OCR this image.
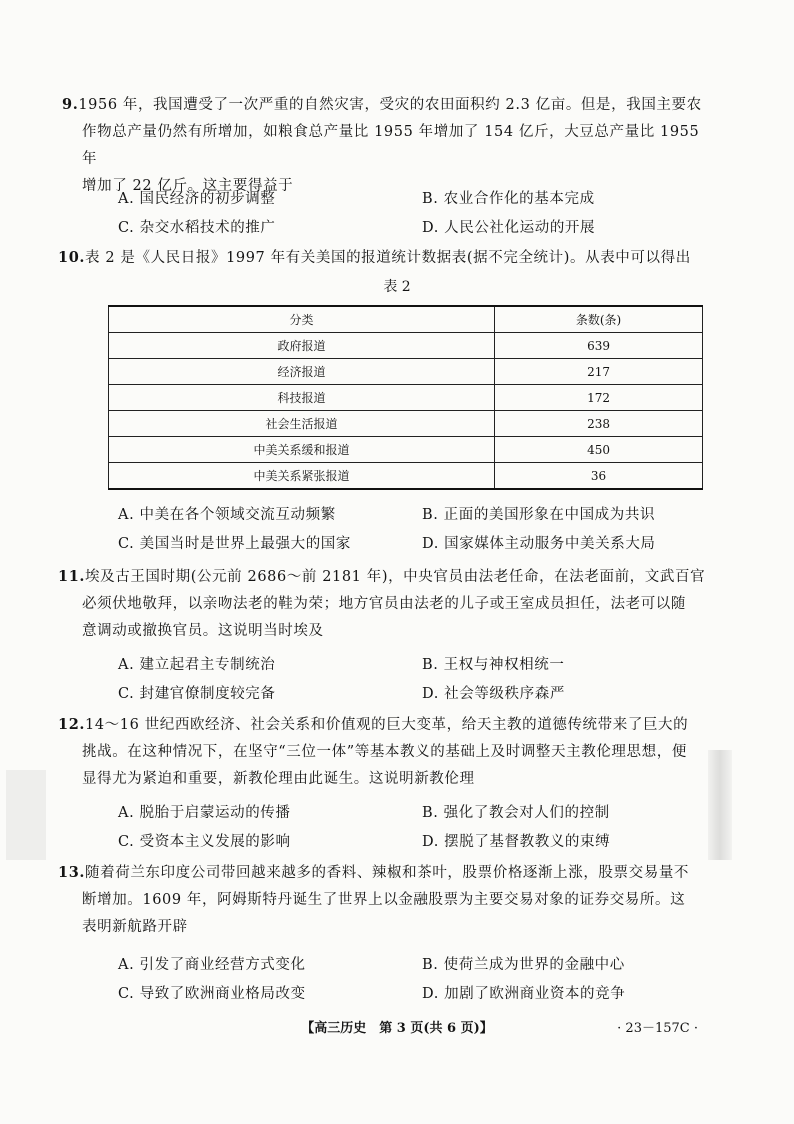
9.1956 年，我国遭受了一次严重的自然灾害，受灾的农田面积约 2.3 亿亩。但是，我国主要农
作物总产量仍然有所增加，如粮食总产量比 1955 年增加了 154 亿斤，大豆总产量比 1955 年
增加了 22 亿斤。这主要得益于
A. 国民经济的初步调整	B. 农业合作化的基本完成
C. 杂交水稻技术的推广	D. 人民公社化运动的开展
10.表 2 是《人民日报》1997 年有关美国的报道统计数据表(据不完全统计)。从表中可以得出
表 2
分类	条数(条)
政府报道	639
经济报道	217
科技报道	172
社会生活报道	238
中美关系缓和报道	450
中美关系紧张报道	36
A. 中美在各个领域交流互动频繁	B. 正面的美国形象在中国成为共识
C. 美国当时是世界上最强大的国家	D. 国家媒体主动服务中美关系大局
11.埃及古王国时期(公元前 2686～前 2181 年)，中央官员由法老任命，在法老面前，文武百官
必须伏地敬拜，以亲吻法老的鞋为荣；地方官员由法老的儿子或王室成员担任，法老可以随
意调动或撤换官员。这说明当时埃及
A. 建立起君主专制统治	B. 王权与神权相统一
C. 封建官僚制度较完备	D. 社会等级秩序森严
12.14～16 世纪西欧经济、社会关系和价值观的巨大变革，给天主教的道德传统带来了巨大的
挑战。在这种情况下，在坚守“三位一体”等基本教义的基础上及时调整天主教伦理思想，便
显得尤为紧迫和重要，新教伦理由此诞生。这说明新教伦理
A. 脱胎于启蒙运动的传播	B. 强化了教会对人们的控制
C. 受资本主义发展的影响	D. 摆脱了基督教教义的束缚
13.随着荷兰东印度公司带回越来越多的香料、辣椒和茶叶，股票价格逐渐上涨，股票交易量不
断增加。1609 年，阿姆斯特丹诞生了世界上以金融股票为主要交易对象的证券交易所。这
表明新航路开辟
A. 引发了商业经营方式变化	B. 使荷兰成为世界的金融中心
C. 导致了欧洲商业格局改变	D. 加剧了欧洲商业资本的竞争
【高三历史　第 3 页(共 6 页)】	· 23－157C ·
